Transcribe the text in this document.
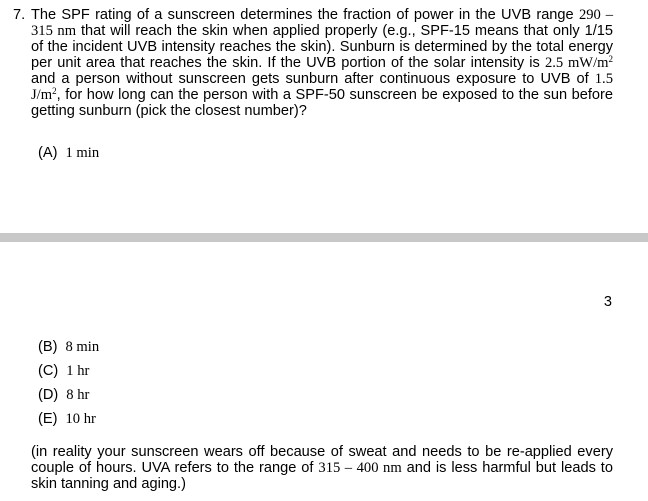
7. The SPF rating of a sunscreen determines the fraction of power in the UVB range 290 – 315 nm that will reach the skin when applied properly (e.g., SPF-15 means that only 1/15 of the incident UVB intensity reaches the skin). Sunburn is determined by the total energy per unit area that reaches the skin. If the UVB portion of the solar intensity is 2.5 $mW/m^2$ and a person without sunscreen gets sunburn after continuous exposure to UVB of 1.5 $J/m^2$, for how long can the person with a SPF-50 sunscreen be exposed to the sun before getting sunburn (pick the closest number)?
(A) 1 min
3
(B) 8 min
(C) 1 hr
(D) 8 hr
(E) 10 hr
(in reality your sunscreen wears off because of sweat and needs to be re-applied every couple of hours. UVA refers to the range of 315 – 400 nm and is less harmful but leads to skin tanning and aging.)
